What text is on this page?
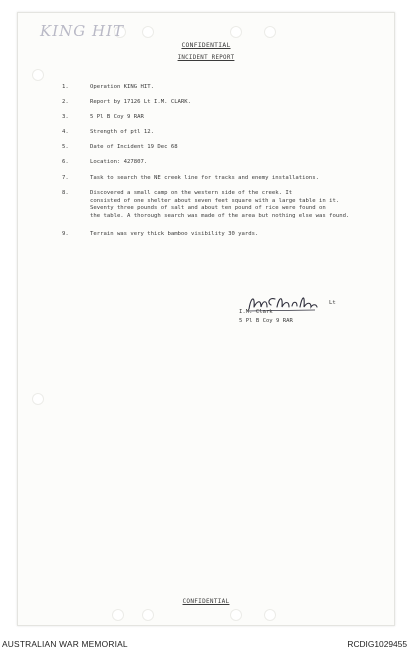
KING HIT
CONFIDENTIAL
INCIDENT REPORT
1.	Operation KING HIT.
2.	Report by 17126 Lt I.M. CLARK.
3.	5 Pl B Coy 9 RAR
4.	Strength of ptl 12.
5.	Date of Incident 19 Dec 68
6.	Location: 427807.
7.	Task to search the NE creek line for tracks and enemy installations.
8.	Discovered a small camp on the western side of the creek. It
consisted of one shelter about seven feet square with a large table in it.
Seventy three pounds of salt and about ten pound of rice were found on
the table. A thorough search was made of the area but nothing else was found.
9.	Terrain was very thick bamboo visibility 30 yards.
Lt
I.M. Clark
5 Pl B Coy 9 RAR
CONFIDENTIAL
AUSTRALIAN WAR MEMORIAL	RCDIG1029455
